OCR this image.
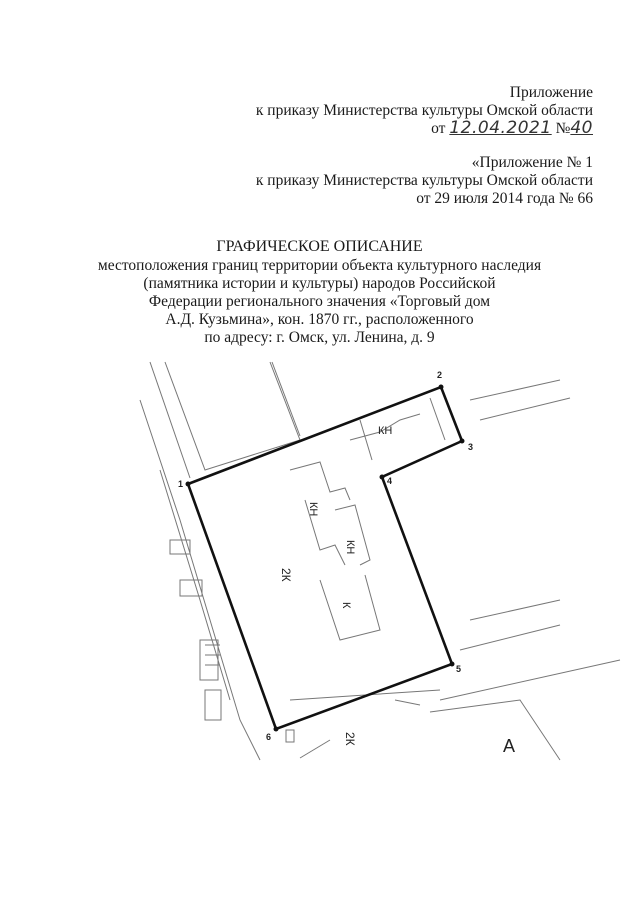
Приложение
к приказу Министерства культуры Омской области
от 12.04.2021 №40
«Приложение № 1
к приказу Министерства культуры Омской области
от 29 июля 2014 года № 66
ГРАФИЧЕСКОЕ ОПИСАНИЕ
местоположения границ территории объекта культурного наследия
(памятника истории и культуры) народов Российской
Федерации регионального значения «Торговый дом
А.Д. Кузьмина», кон. 1870 гг., расположенного
по адресу: г. Омск, ул. Ленина, д. 9
1
2
3
4
5
6
КН
КН
КН
К
2К
2К	А
